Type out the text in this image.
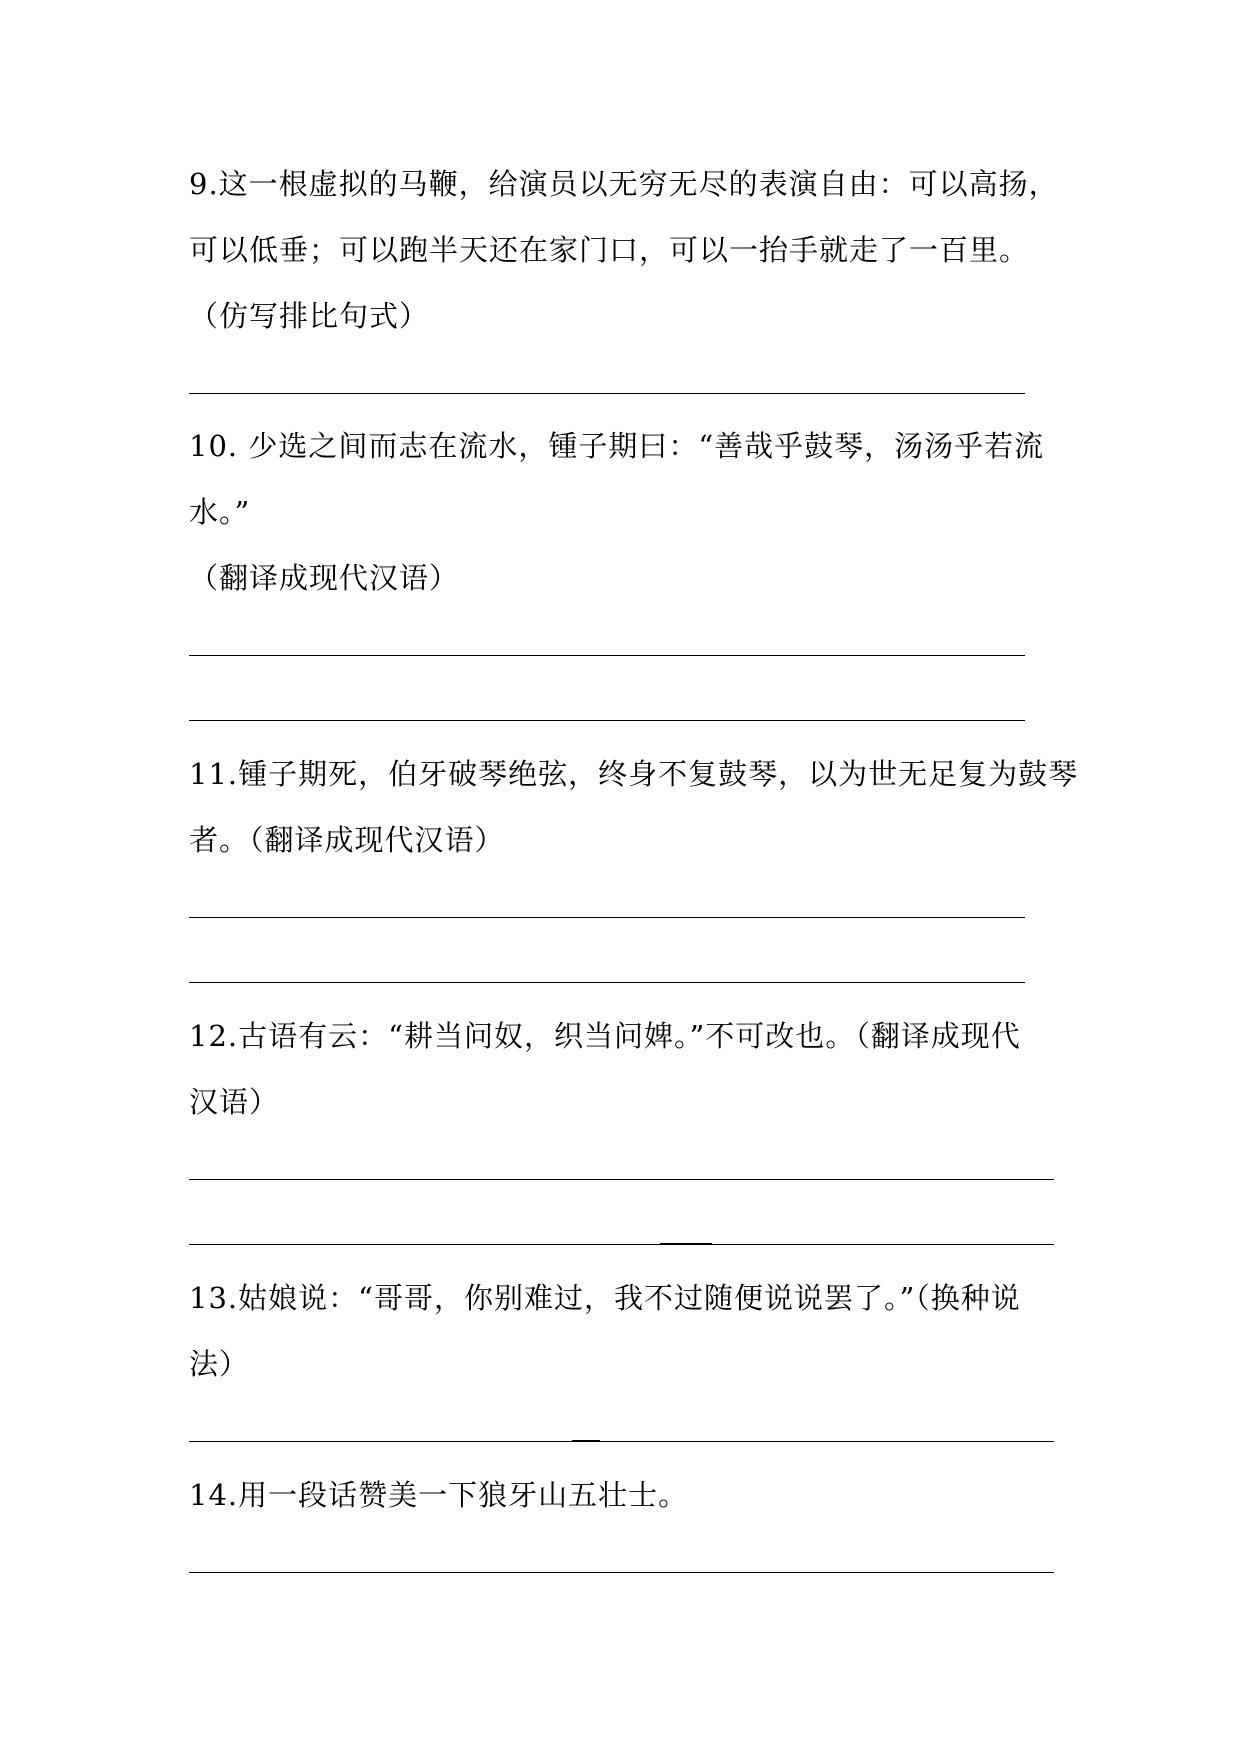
9.这一根虚拟的马鞭，给演员以无穷无尽的表演自由：可以高扬，
可以低垂；可以跑半天还在家门口，可以一抬手就走了一百里。
（仿写排比句式）
10. 少选之间而志在流水，锺子期曰：“善哉乎鼓琴，汤汤乎若流
水。”
（翻译成现代汉语）
11.锺子期死，伯牙破琴绝弦，终身不复鼓琴，以为世无足复为鼓琴
者。（翻译成现代汉语）
12.古语有云：“耕当问奴，织当问婢。”不可改也。（翻译成现代
汉语）
13.姑娘说：“哥哥，你别难过，我不过随便说说罢了。”（换种说
法）
14.用一段话赞美一下狼牙山五壮士。
